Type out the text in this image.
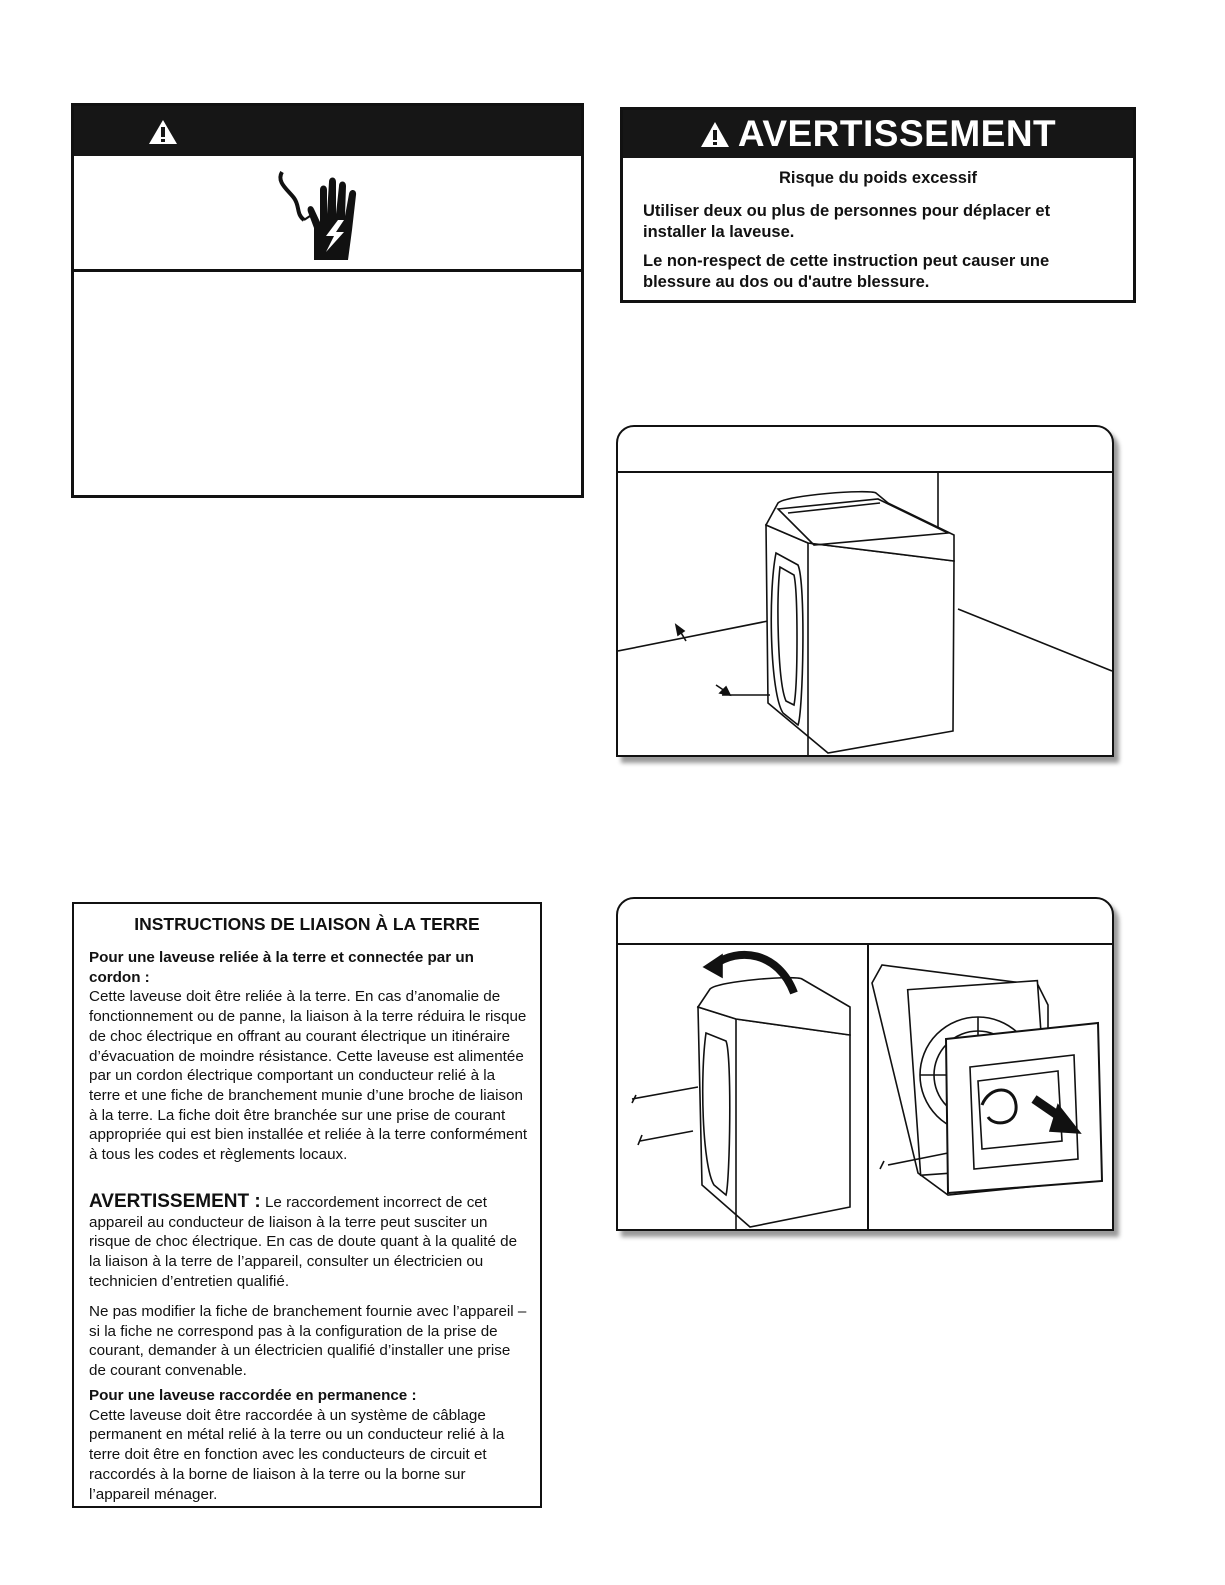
AVERTISSEMENT
Risque du poids excessif
Utiliser deux ou plus de personnes pour déplacer et installer la laveuse.
Le non-respect de cette instruction peut causer une blessure au dos ou d'autre blessure.
INSTRUCTIONS DE LIAISON À LA TERRE
Pour une laveuse reliée à la terre et connectée par un cordon :
Cette laveuse doit être reliée à la terre. En cas d’anomalie de fonctionnement ou de panne, la liaison à la terre réduira le risque de choc électrique en offrant au courant électrique un itinéraire d’évacuation de moindre résistance. Cette laveuse est alimentée par un cordon électrique comportant un conducteur relié à la terre et une fiche de branchement munie d’une broche de liaison à la terre. La fiche doit être branchée sur une prise de courant appropriée qui est bien installée et reliée à la terre conformément à tous les codes et règlements locaux.
AVERTISSEMENT : Le raccordement incorrect de cet appareil au conducteur de liaison à la terre peut susciter un risque de choc électrique. En cas de doute quant à la qualité de la liaison à la terre de l’appareil, consulter un électricien ou technicien d’entretien qualifié.
Ne pas modifier la fiche de branchement fournie avec l’appareil – si la fiche ne correspond pas à la configuration de la prise de courant, demander à un électricien qualifié d’installer une prise de courant convenable.
Pour une laveuse raccordée en permanence :
Cette laveuse doit être raccordée à un système de câblage permanent en métal relié à la terre ou un conducteur relié à la terre doit être en fonction avec les conducteurs de circuit et raccordés à la borne de liaison à la terre ou la borne sur l’appareil ménager.
